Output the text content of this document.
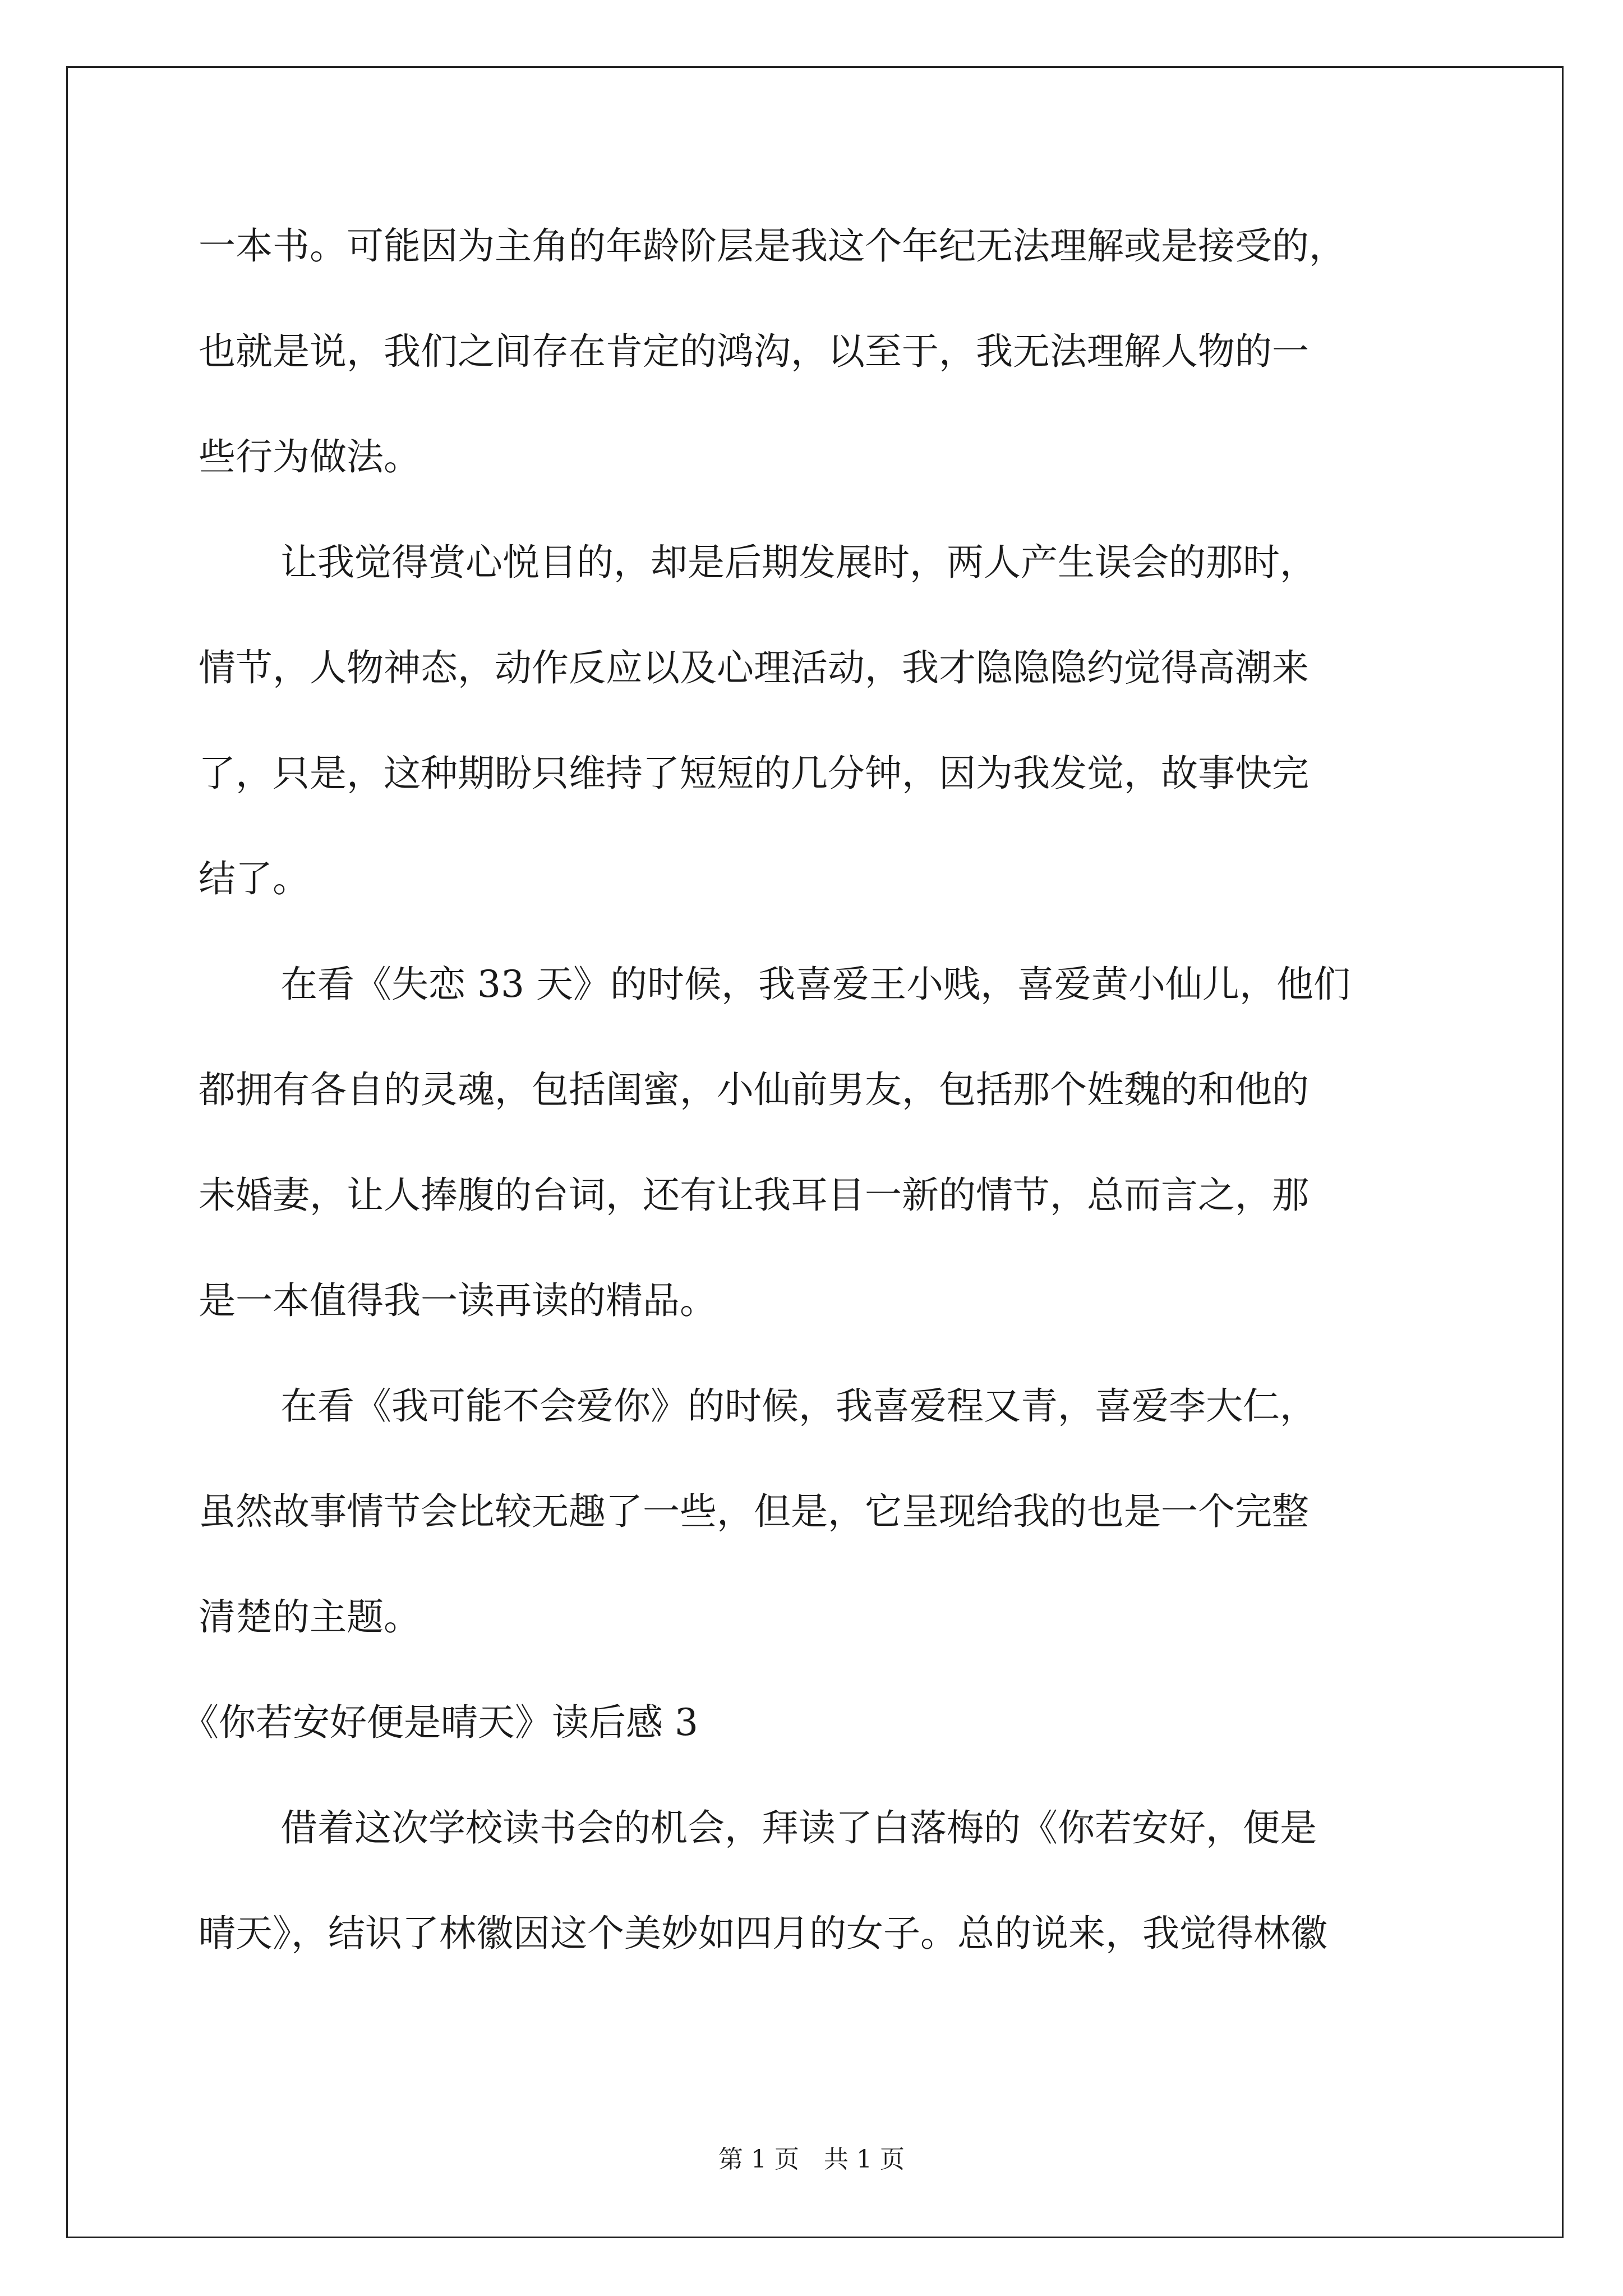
一本书。可能因为主角的年龄阶层是我这个年纪无法理解或是接受的，
也就是说，我们之间存在肯定的鸿沟，以至于，我无法理解人物的一
些行为做法。
让我觉得赏心悦目的，却是后期发展时，两人产生误会的那时，
情节，人物神态，动作反应以及心理活动，我才隐隐隐约觉得高潮来
了，只是，这种期盼只维持了短短的几分钟，因为我发觉，故事快完
结了。
在看《失恋 33 天》的时候，我喜爱王小贱，喜爱黄小仙儿，他们
都拥有各自的灵魂，包括闺蜜，小仙前男友，包括那个姓魏的和他的
未婚妻，让人捧腹的台词，还有让我耳目一新的情节，总而言之，那
是一本值得我一读再读的精品。
在看《我可能不会爱你》的时候，我喜爱程又青，喜爱李大仁，
虽然故事情节会比较无趣了一些，但是，它呈现给我的也是一个完整
清楚的主题。
《你若安好便是晴天》读后感 3
借着这次学校读书会的机会，拜读了白落梅的《你若安好，便是
晴天》，结识了林徽因这个美妙如四月的女子。总的说来，我觉得林徽
第 1 页　共 1 页
